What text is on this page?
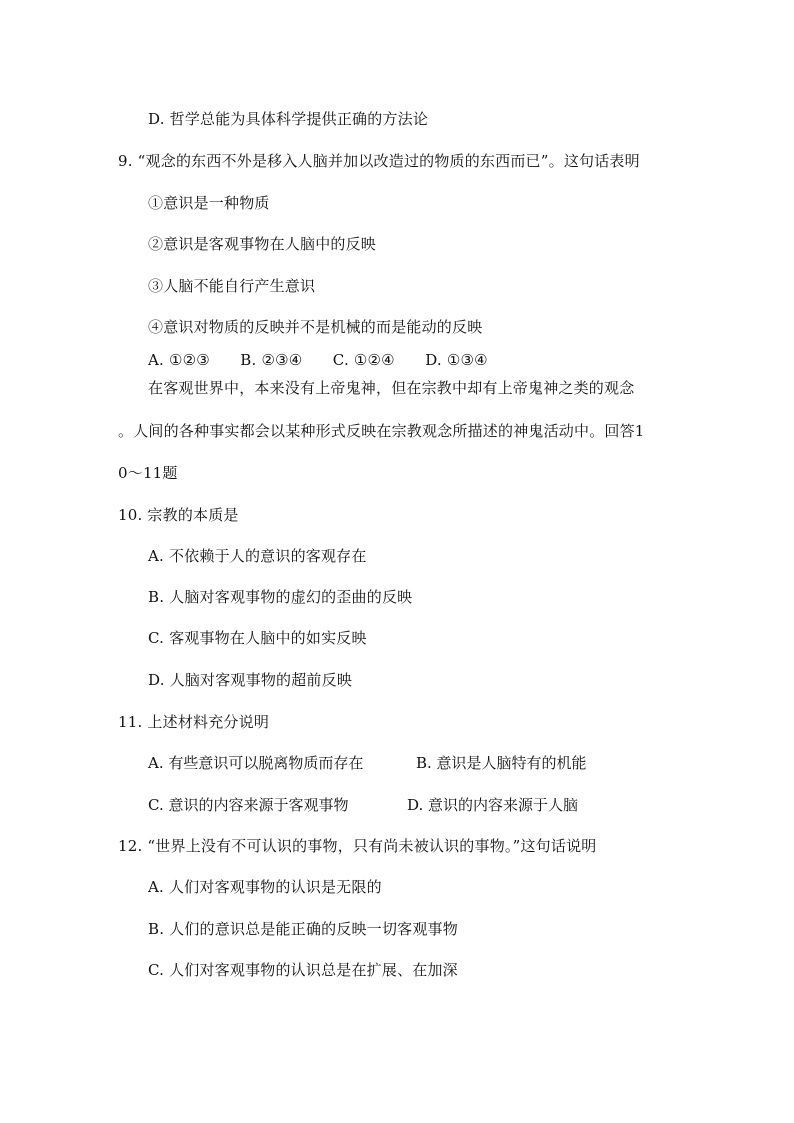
D. 哲学总能为具体科学提供正确的方法论
9. “观念的东西不外是移入人脑并加以改造过的物质的东西而已”。这句话表明
①意识是一种物质
②意识是客观事物在人脑中的反映
③人脑不能自行产生意识
④意识对物质的反映并不是机械的而是能动的反映
A. ①②③　　B. ②③④　　C. ①②④　　D. ①③④
在客观世界中，本来没有上帝鬼神，但在宗教中却有上帝鬼神之类的观念
。人间的各种事实都会以某种形式反映在宗教观念所描述的神鬼活动中。回答1
0～11题
10. 宗教的本质是
A. 不依赖于人的意识的客观存在
B. 人脑对客观事物的虚幻的歪曲的反映
C. 客观事物在人脑中的如实反映
D. 人脑对客观事物的超前反映
11. 上述材料充分说明
A. 有些意识可以脱离物质而存在	B. 意识是人脑特有的机能
C. 意识的内容来源于客观事物	D. 意识的内容来源于人脑
12. “世界上没有不可认识的事物，只有尚未被认识的事物。”这句话说明
A. 人们对客观事物的认识是无限的
B. 人们的意识总是能正确的反映一切客观事物
C. 人们对客观事物的认识总是在扩展、在加深
